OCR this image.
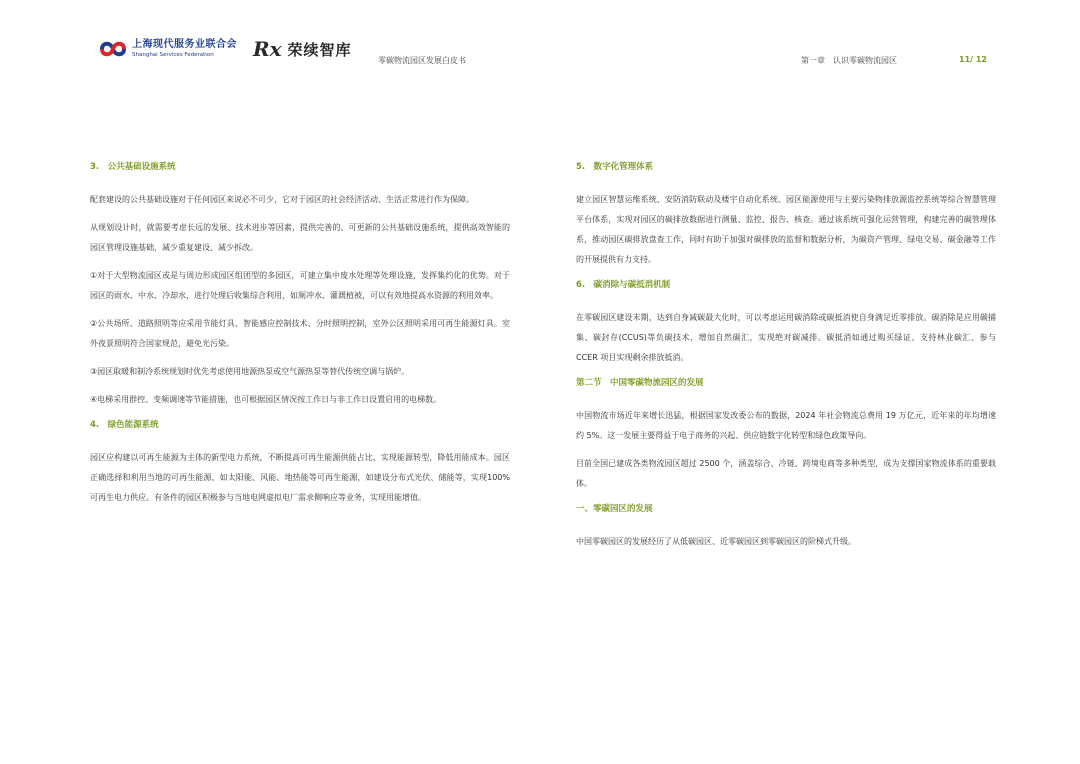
上海现代服务业联合会
Shanghai Services Federation	Rx 荣续智库
零碳物流园区发展白皮书	第一章　认识零碳物流园区	11/ 12
3.　公共基础设施系统
配套建设的公共基础设施对于任何园区来说必不可少，它对于园区的社会经济活动、生活正常进行作为保障。
从规划设计时，就需要考虑长远的发展、技术进步等因素，提供完善的、可更新的公共基础设施系统，提供高效智能的园区管理设施基础，减少重复建设、减少拆改。
①对于大型物流园区或是与周边形成园区组团型的多园区，可建立集中废水处理等处理设施，发挥集约化的优势。对于园区的雨水、中水、冷却水，进行处理后收集综合利用，如厕冲水、灌溉植被，可以有效地提高水资源的利用效率。
②公共场所、道路照明等应采用节能灯具、智能感应控制技术、分时照明控制，室外公区照明采用可再生能源灯具。室外夜景照明符合国家规范，避免光污染。
③园区取暖和制冷系统规划时优先考虑使用地源热泵或空气源热泵等替代传统空调与锅炉。
④电梯采用群控、变频调速等节能措施，也可根据园区情况按工作日与非工作日设置启用的电梯数。
4.　绿色能源系统
园区应构建以可再生能源为主体的新型电力系统，不断提高可再生能源供能占比，实现能源转型，降低用能成本。园区正确选择和利用当地的可再生能源，如太阳能、风能、地热能等可再生能源，如建设分布式光伏、储能等，实现100%可再生电力供应。有条件的园区积极参与当地电网虚拟电厂需求侧响应等业务，实现用能增值。
5.　数字化管理体系
建立园区智慧运维系统、安防消防联动及楼宇自动化系统、园区能源使用与主要污染物排放源监控系统等综合智慧管理平台体系，实现对园区的碳排放数据进行测量、监控、报告、核查。通过该系统可强化运营管理，构建完善的碳管理体系，推动园区碳排放盘查工作，同时有助于加强对碳排放的监督和数据分析，为碳资产管理、绿电交易、碳金融等工作的开展提供有力支持。
6.　碳消除与碳抵消机制
在零碳园区建设末期，达到自身减碳最大化时，可以考虑运用碳消除或碳抵消使自身满足近零排放。碳消除是应用碳捕集、碳封存(CCUS)等负碳技术，增加自然碳汇，实现绝对碳减排。碳抵消如通过购买绿证、支持林业碳汇、参与 CCER 项目实现剩余排放抵消。
第二节　中国零碳物流园区的发展
中国物流市场近年来增长迅猛，根据国家发改委公布的数据，2024 年社会物流总费用 19 万亿元，近年来的年均增速约 5%。这一发展主要得益于电子商务的兴起、供应链数字化转型和绿色政策导向。
目前全国已建成各类物流园区超过 2500 个，涵盖综合、冷链、跨境电商等多种类型，成为支撑国家物流体系的重要载体。
一、零碳园区的发展
中国零碳园区的发展经历了从低碳园区、近零碳园区到零碳园区的阶梯式升级。
